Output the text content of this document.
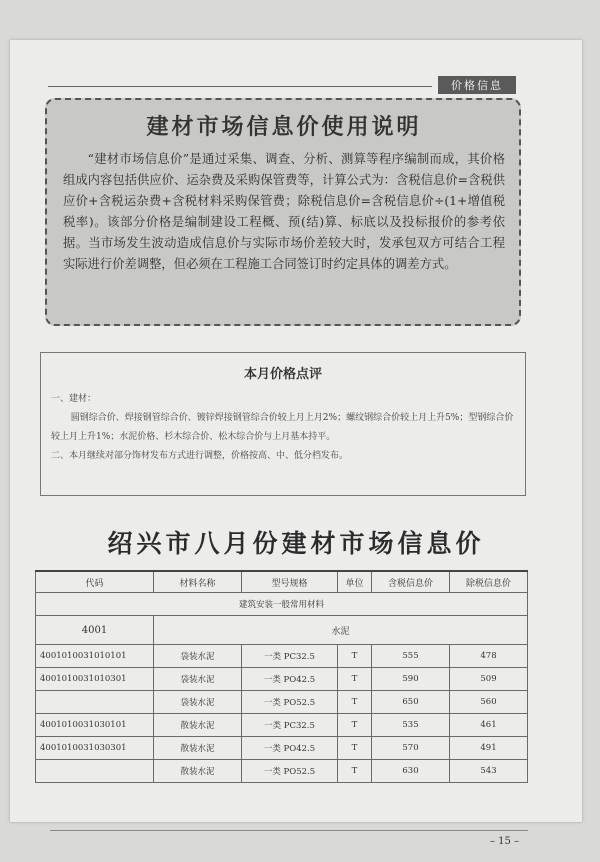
价格信息
建材市场信息价使用说明

“建材市场信息价”是通过采集、调查、分析、测算等程序编制而成，其价格组成内容包括供应价、运杂费及采购保管费等，计算公式为：含税信息价=含税供应价+含税运杂费+含税材料采购保管费；除税信息价=含税信息价÷(1+增值税税率)。该部分价格是编制建设工程概、预(结)算、标底以及投标报价的参考依据。当市场发生波动造成信息价与实际市场价差较大时，发承包双方可结合工程实际进行价差调整，但必须在工程施工合同签订时约定具体的调差方式。

本月价格点评
一、建材：
圆钢综合价、焊接钢管综合价、镀锌焊接钢管综合价较上月上月2%；螺纹钢综合价较上月上升5%；型钢综合价较上月上升1%；水泥价格、杉木综合价、松木综合价与上月基本持平。
二、本月继续对部分饰材发布方式进行调整，价格按高、中、低分档发布。
绍兴市八月份建材市场信息价
代码	材料名称	型号规格	单位	含税信息价	除税信息价
建筑安装一般常用材料					
4001	水泥				
4001010031010101	袋装水泥	一类 PC32.5	T	555	478
4001010031010301	袋装水泥	一类 PO42.5	T	590	509
	袋装水泥	一类 PO52.5	T	650	560
4001010031030101	散装水泥	一类 PC32.5	T	535	461
4001010031030301	散装水泥	一类 PO42.5	T	570	491
	散装水泥	一类 PO52.5	T	630	543
– 15 –
